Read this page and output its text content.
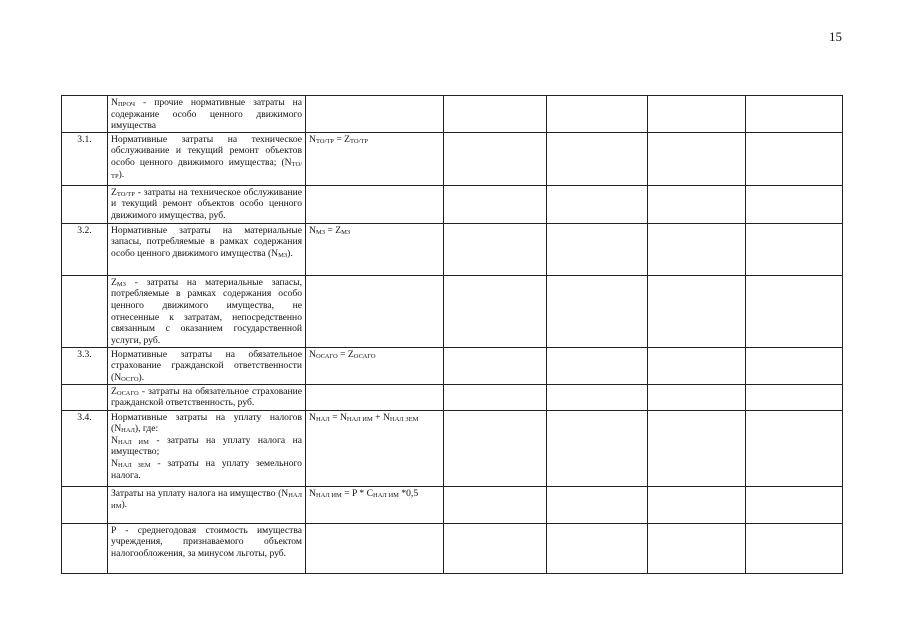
15
	$N_{ПРОЧ}$ - прочие нормативные затраты на содержание особо ценного движимого имущества					
3.1.	Нормативные затраты на техническое обслуживание и текущий ремонт объектов особо ценного движимого имущества; $(N_{ТО/ТР})$.	$N_{ТО/ТР} = Z_{ТО/ТР}$				
	$Z_{ТО/ТР}$ - затраты на техническое обслуживание и текущий ремонт объектов особо ценного движимого имущества, руб.					
3.2.	Нормативные затраты на материальные запасы, потребляемые в рамках содержания особо ценного движимого имущества $(N_{МЗ})$.	$N_{МЗ} = Z_{МЗ}$				
	$Z_{МЗ}$ - затраты на материальные запасы, потребляемые в рамках содержания особо ценного движимого имущества, не отнесенные к затратам, непосредственно связанным с оказанием государственной услуги, руб.					
3.3.	Нормативные затраты на обязательное страхование гражданской ответственности $(N_{ОСГО})$.	$N_{ОСАГО} = Z_{ОСАГО}$				
	$Z_{ОСАГО}$ - затраты на обязательное страхование гражданской ответственность, руб.					
3.4.	Нормативные затраты на уплату налогов $(N_{НАЛ})$, где:
$N_{НАЛ ИМ}$ - затраты на уплату налога на имущество;
$N_{НАЛ ЗЕМ}$ - затраты на уплату земельного налога.	$N_{НАЛ} = N_{НАЛ ИМ} + N_{НАЛ ЗЕМ}$				
	Затраты на уплату налога на имущество $(N_{НАЛ ИМ})$.	$N_{НАЛ ИМ} = P * C_{НАЛ ИМ}$ *0,5				
	P - среднегодовая стоимость имущества учреждения, признаваемого объектом налогообложения, за минусом льготы, руб.					
